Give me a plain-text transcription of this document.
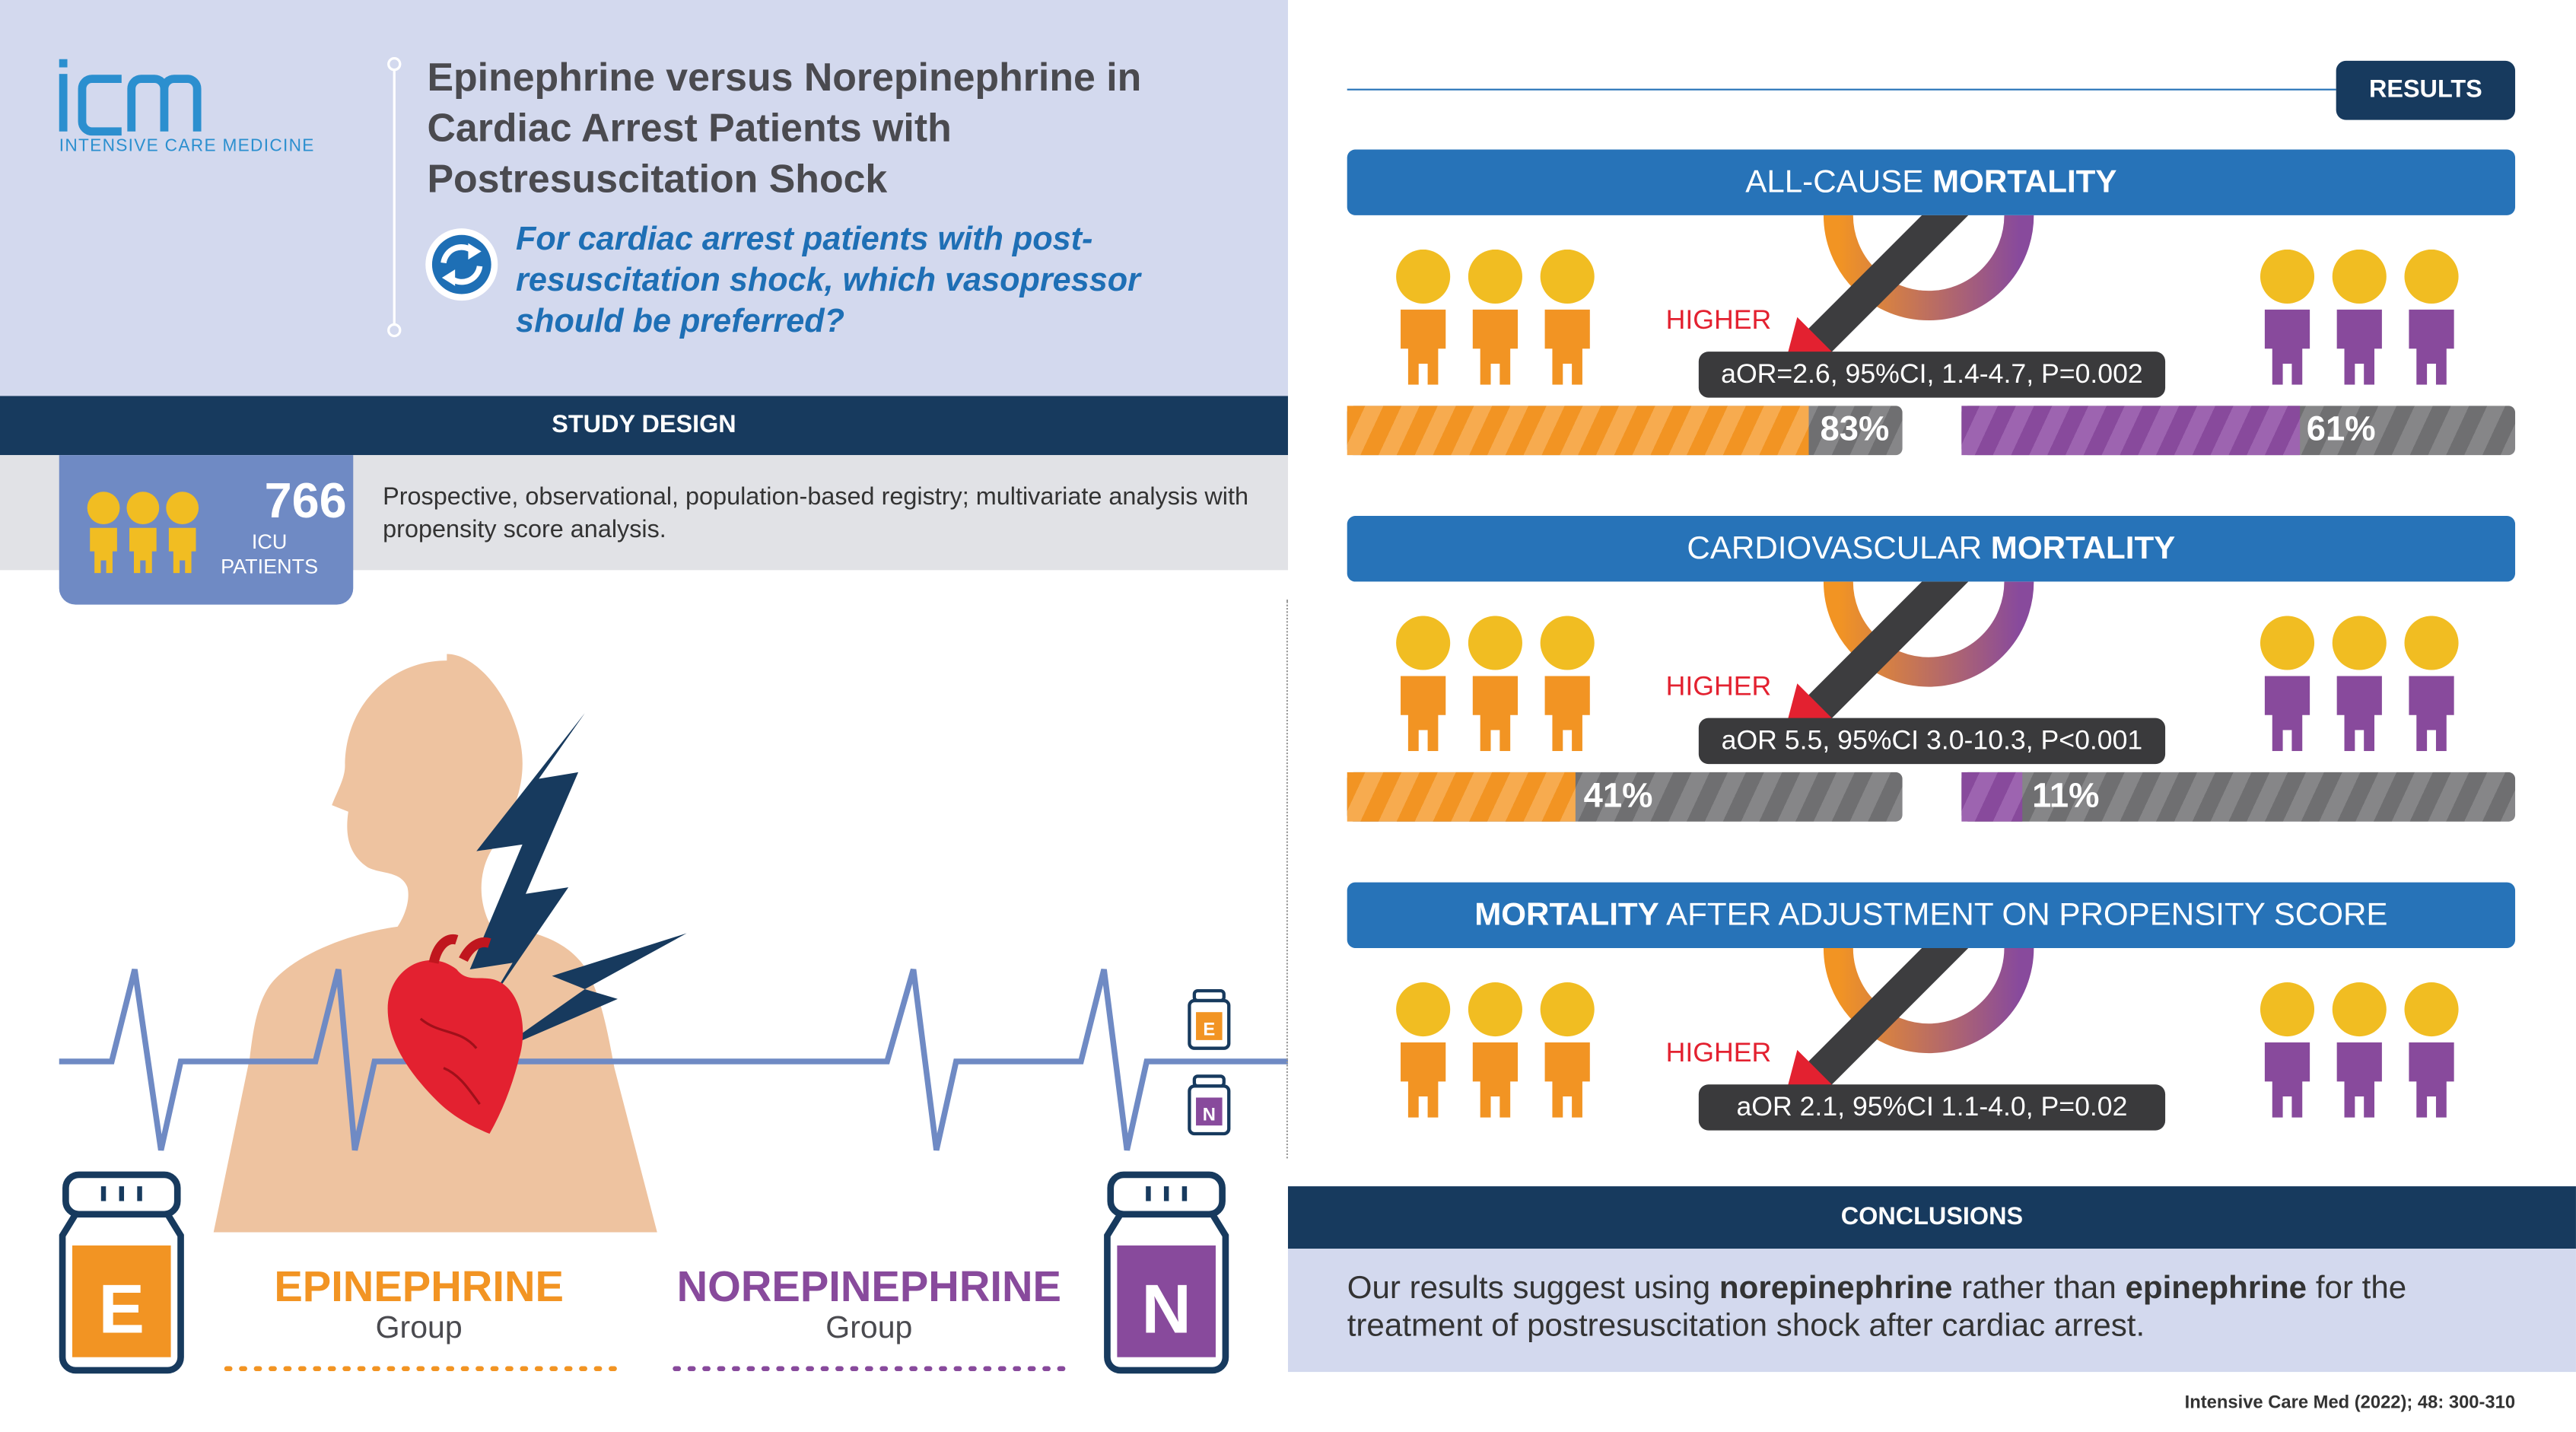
INTENSIVE CARE MEDICINE
Epinephrine versus Norepinephrine in Cardiac Arrest Patients with Postresuscitation Shock
For cardiac arrest patients with post-resuscitation shock, which vasopressor should be preferred?
STUDY DESIGN
766
ICU
PATIENTS
Prospective, observational, population-based registry; multivariate analysis with propensity score analysis.
E
N
E	N
EPINEPHRINE
Group
NOREPINEPHRINE
Group
RESULTS
ALL-CAUSE MORTALITY
HIGHER
aOR=2.6, 95%CI, 1.4-4.7, P=0.002
83%	61%
CARDIOVASCULAR MORTALITY
HIGHER
aOR 5.5, 95%CI 3.0-10.3, P<0.001
41%	11%
MORTALITY AFTER ADJUSTMENT ON PROPENSITY SCORE
HIGHER
aOR 2.1, 95%CI 1.1-4.0, P=0.02
CONCLUSIONS
Our results suggest using norepinephrine rather than epinephrine for the treatment of postresuscitation shock after cardiac arrest.
Intensive Care Med (2022); 48: 300-310
